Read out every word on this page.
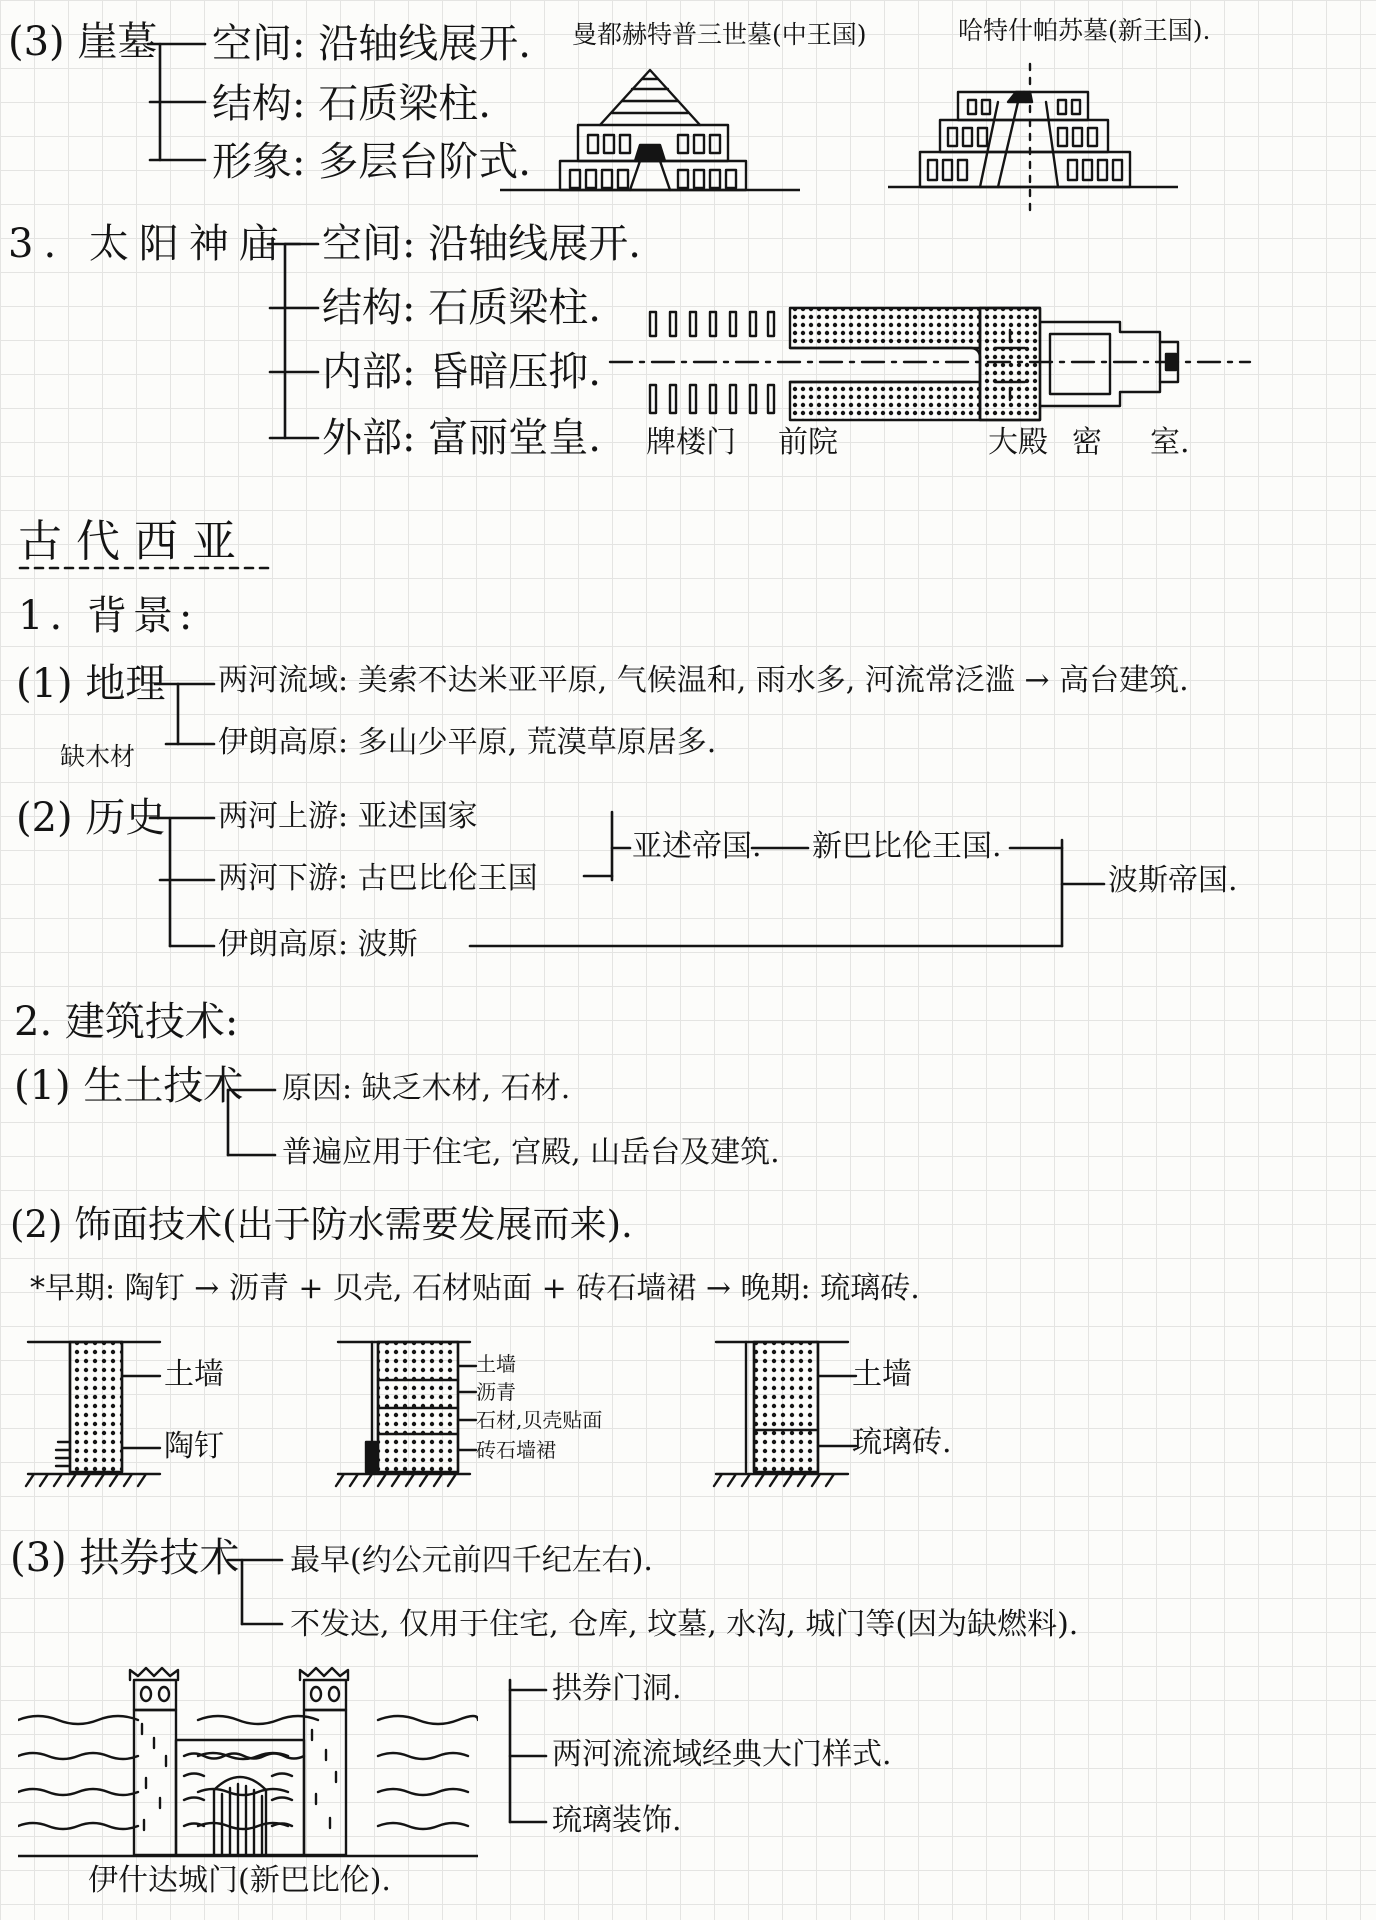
(3) 崖墓 空间: 沿轴线展开.
结构: 石质梁柱.
形象: 多层台阶式.
曼都赫特普三世墓(中王国)	哈特什帕苏墓(新王国).
3. 太阳神庙 空间: 沿轴线展开.
结构: 石质梁柱.
内部: 昏暗压抑.
外部: 富丽堂皇. 牌楼门 前院	大殿 密 室.
古代西亚
1. 背景:
(1) 地理
缺木材
两河流域: 美索不达米亚平原, 气候温和, 雨水多, 河流常泛滥 → 高台建筑.
伊朗高原: 多山少平原, 荒漠草原居多.
(2) 历史 两河上游: 亚述国家
两河下游: 古巴比伦王国
伊朗高原: 波斯
亚述帝国. 新巴比伦王国.
波斯帝国.
2. 建筑技术:
(1) 生土技术 原因: 缺乏木材, 石材.
普遍应用于住宅, 宫殿, 山岳台及建筑.
(2) 饰面技术(出于防水需要发展而来).
*早期: 陶钉 → 沥青 + 贝壳, 石材贴面 + 砖石墙裙 → 晚期: 琉璃砖.
土墙
陶钉
土墙
沥青
石材,贝壳贴面
砖石墙裙
土墙
琉璃砖.
(3) 拱券技术 最早(约公元前四千纪左右).
不发达, 仅用于住宅, 仓库, 坟墓, 水沟, 城门等(因为缺燃料).
伊什达城门(新巴比伦).
拱券门洞.
两河流流域经典大门样式.
琉璃装饰.
